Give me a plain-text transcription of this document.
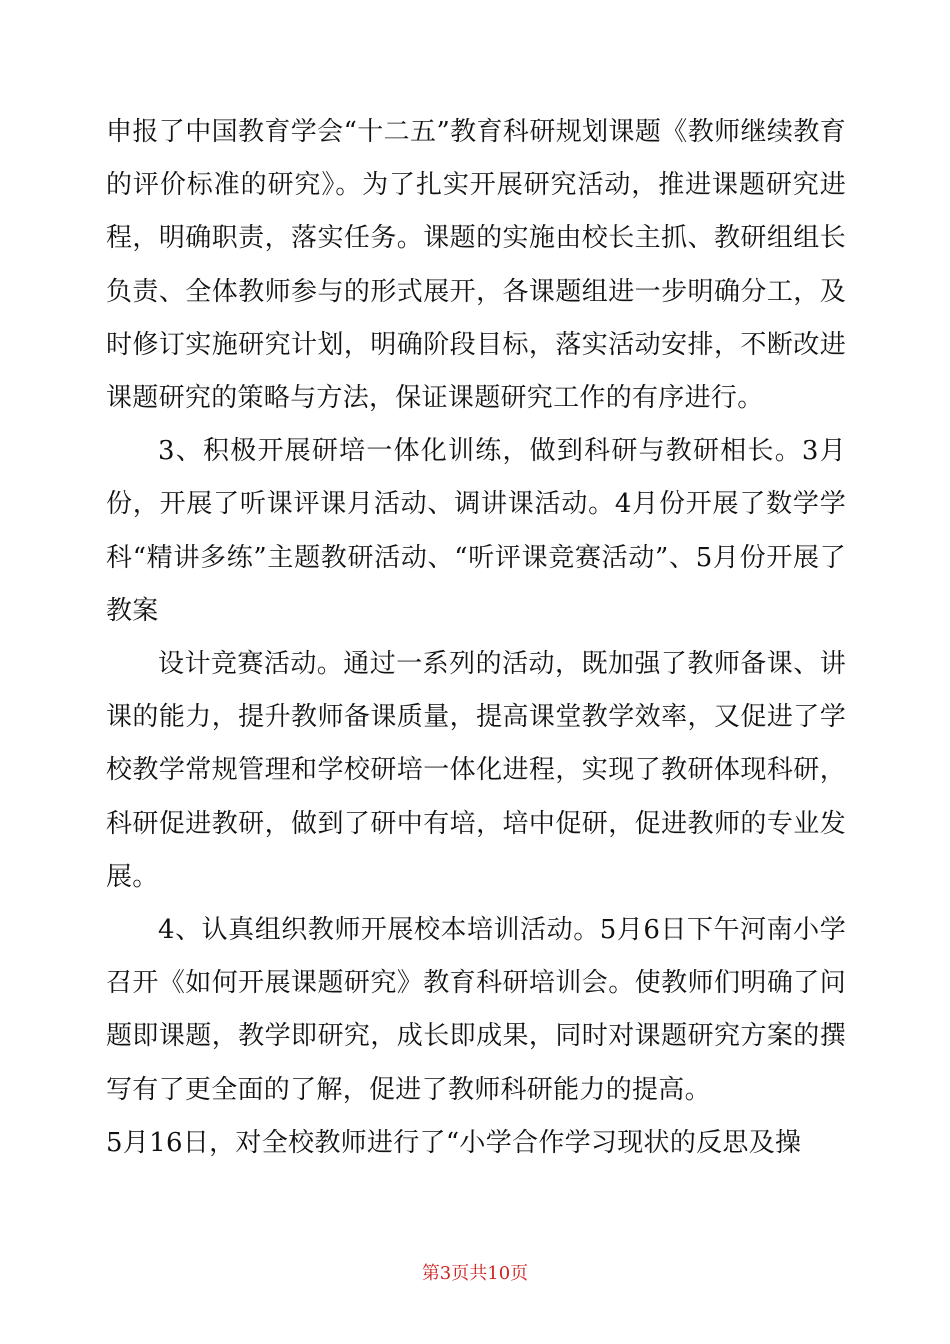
申报了中国教育学会“十二五”教育科研规划课题《教师继续教育的评价标准的研究》。为了扎实开展研究活动，推进课题研究进程，明确职责，落实任务。课题的实施由校长主抓、教研组组长负责、全体教师参与的形式展开，各课题组进一步明确分工，及时修订实施研究计划，明确阶段目标，落实活动安排，不断改进课题研究的策略与方法，保证课题研究工作的有序进行。

3、积极开展研培一体化训练，做到科研与教研相长。3月份，开展了听课评课月活动、调讲课活动。4月份开展了数学学科“精讲多练”主题教研活动、“听评课竞赛活动”、5月份开展了教案

设计竞赛活动。通过一系列的活动，既加强了教师备课、讲课的能力，提升教师备课质量，提高课堂教学效率，又促进了学校教学常规管理和学校研培一体化进程，实现了教研体现科研，科研促进教研，做到了研中有培，培中促研，促进教师的专业发展。

4、认真组织教师开展校本培训活动。5月6日下午河南小学召开《如何开展课题研究》教育科研培训会。使教师们明确了问题即课题，教学即研究，成长即成果，同时对课题研究方案的撰写有了更全面的了解，促进了教师科研能力的提高。

5月16日，对全校教师进行了“小学合作学习现状的反思及操

第3页共10页
